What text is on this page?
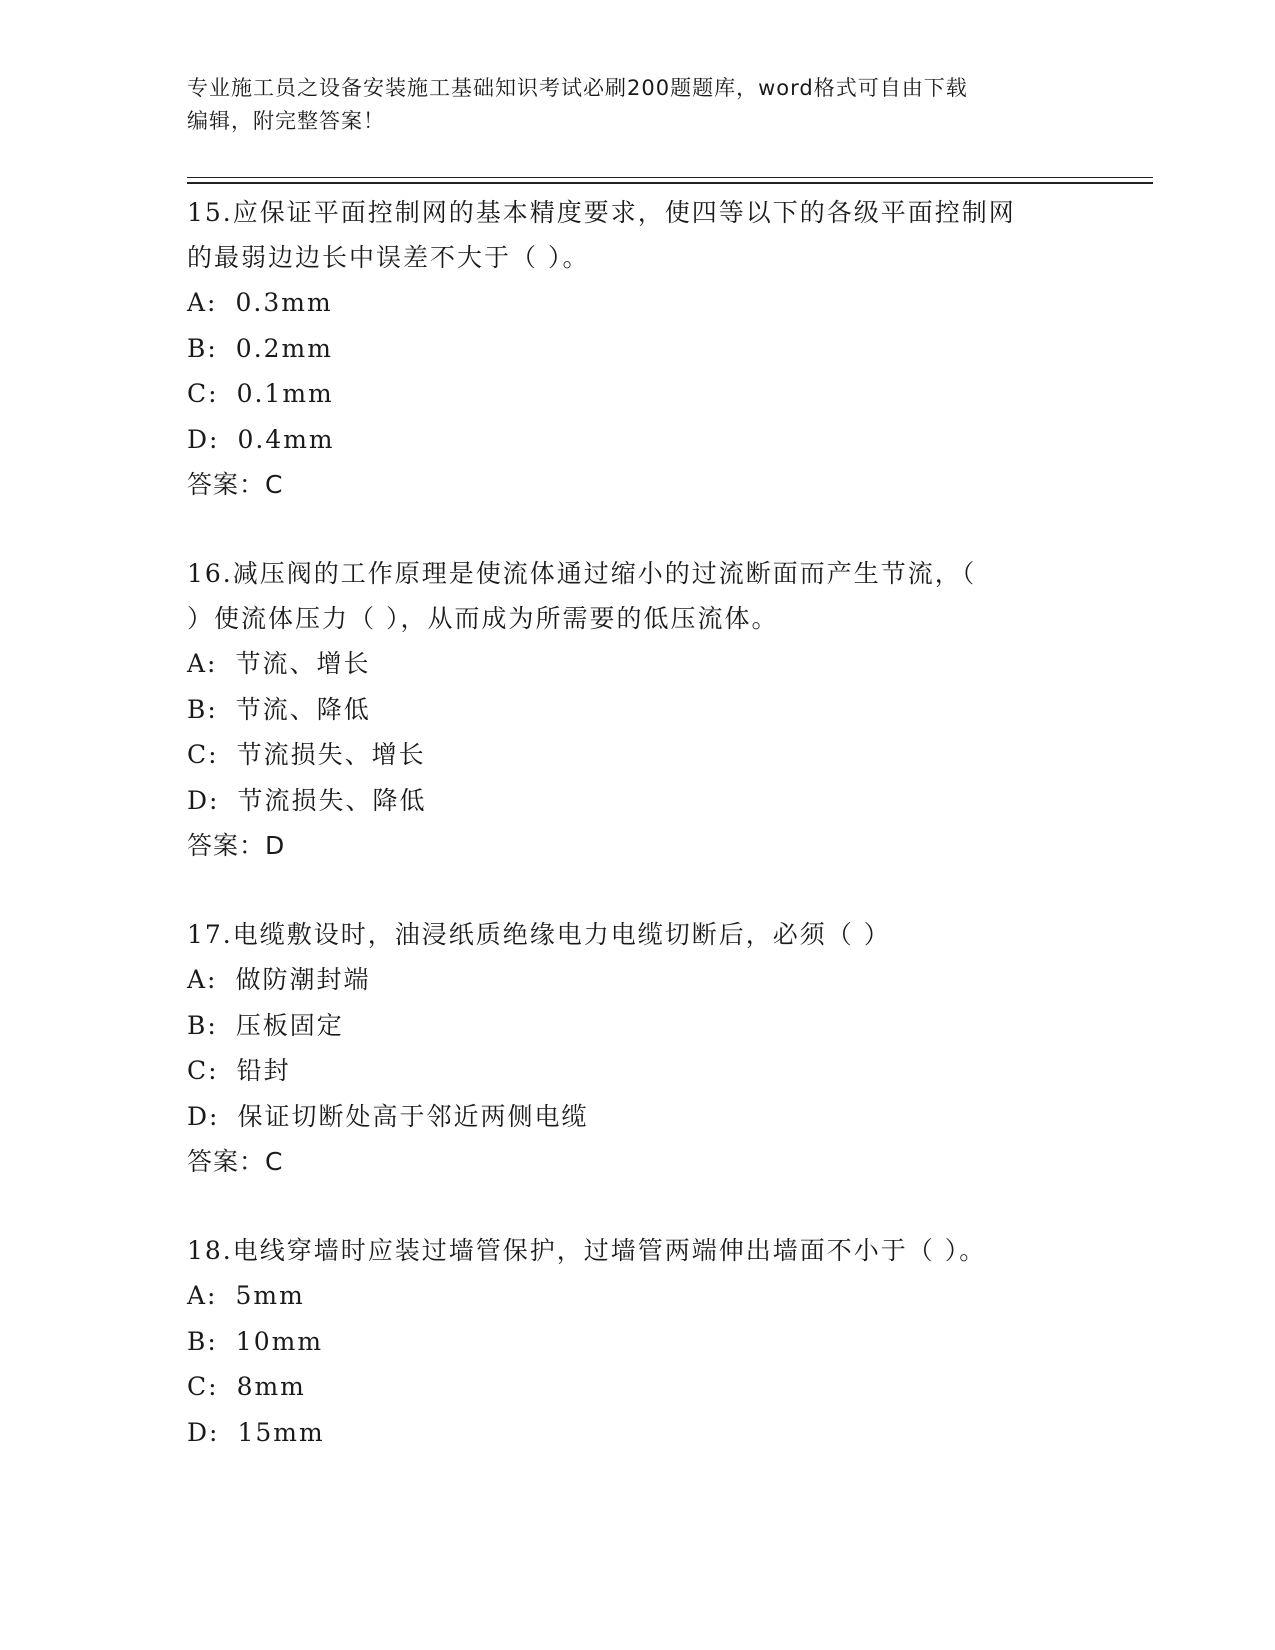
专业施工员之设备安装施工基础知识考试必刷200题题库，word格式可自由下载
编辑，附完整答案！
15.应保证平面控制网的基本精度要求，使四等以下的各级平面控制网
的最弱边边长中误差不大于（ ）。
A: 0.3mm
B: 0.2mm
C: 0.1mm
D: 0.4mm
答案：C
16.减压阀的工作原理是使流体通过缩小的过流断面而产生节流，（
）使流体压力（ ），从而成为所需要的低压流体。
A: 节流、增长
B: 节流、降低
C: 节流损失、增长
D: 节流损失、降低
答案：D
17.电缆敷设时，油浸纸质绝缘电力电缆切断后，必须（ ）
A: 做防潮封端
B: 压板固定
C: 铅封
D: 保证切断处高于邻近两侧电缆
答案：C
18.电线穿墙时应装过墙管保护，过墙管两端伸出墙面不小于（ ）。
A: 5mm
B: 10mm
C: 8mm
D: 15mm
